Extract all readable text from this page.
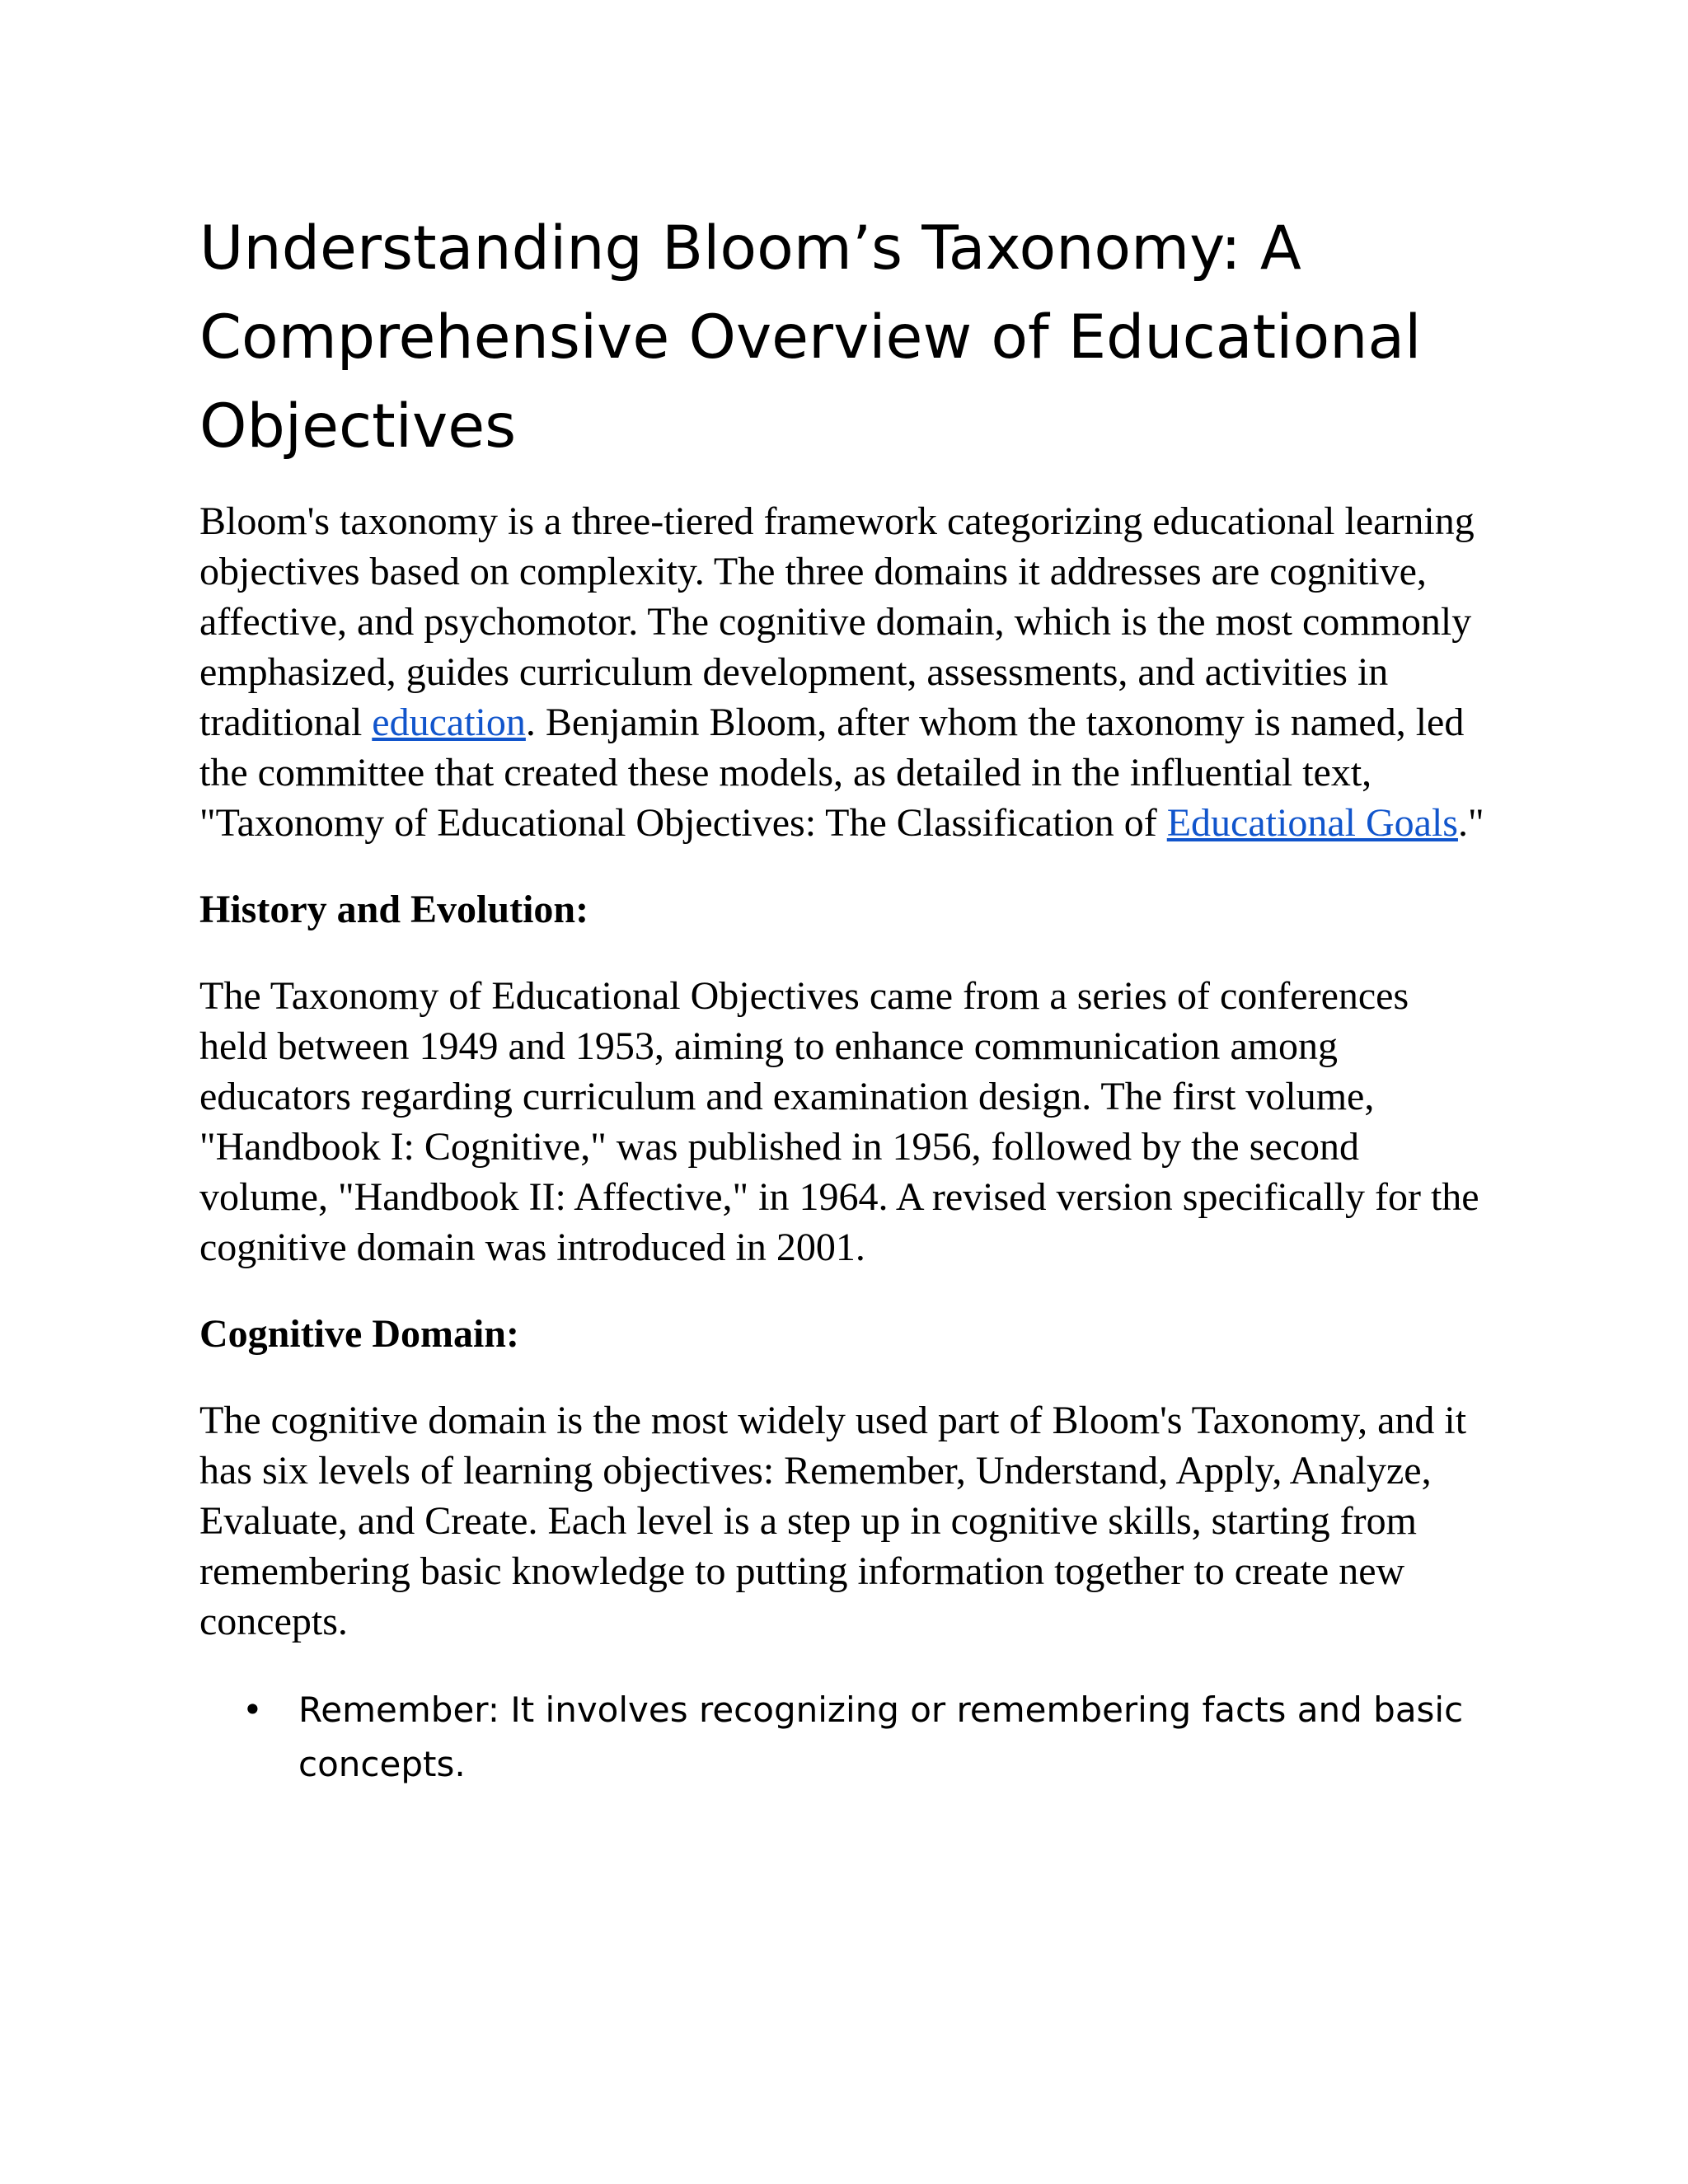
Understanding Bloom’s Taxonomy: A Comprehensive Overview of Educational Objectives

Bloom's taxonomy is a three-tiered framework categorizing educational learning objectives based on complexity. The three domains it addresses are cognitive, affective, and psychomotor. The cognitive domain, which is the most commonly emphasized, guides curriculum development, assessments, and activities in traditional education. Benjamin Bloom, after whom the taxonomy is named, led the committee that created these models, as detailed in the influential text, "Taxonomy of Educational Objectives: The Classification of Educational Goals."

History and Evolution:

The Taxonomy of Educational Objectives came from a series of conferences held between 1949 and 1953, aiming to enhance communication among educators regarding curriculum and examination design. The first volume, "Handbook I: Cognitive," was published in 1956, followed by the second volume, "Handbook II: Affective," in 1964. A revised version specifically for the cognitive domain was introduced in 2001.

Cognitive Domain:

The cognitive domain is the most widely used part of Bloom's Taxonomy, and it has six levels of learning objectives: Remember, Understand, Apply, Analyze, Evaluate, and Create. Each level is a step up in cognitive skills, starting from remembering basic knowledge to putting information together to create new concepts.

• Remember: It involves recognizing or remembering facts and basic concepts.
